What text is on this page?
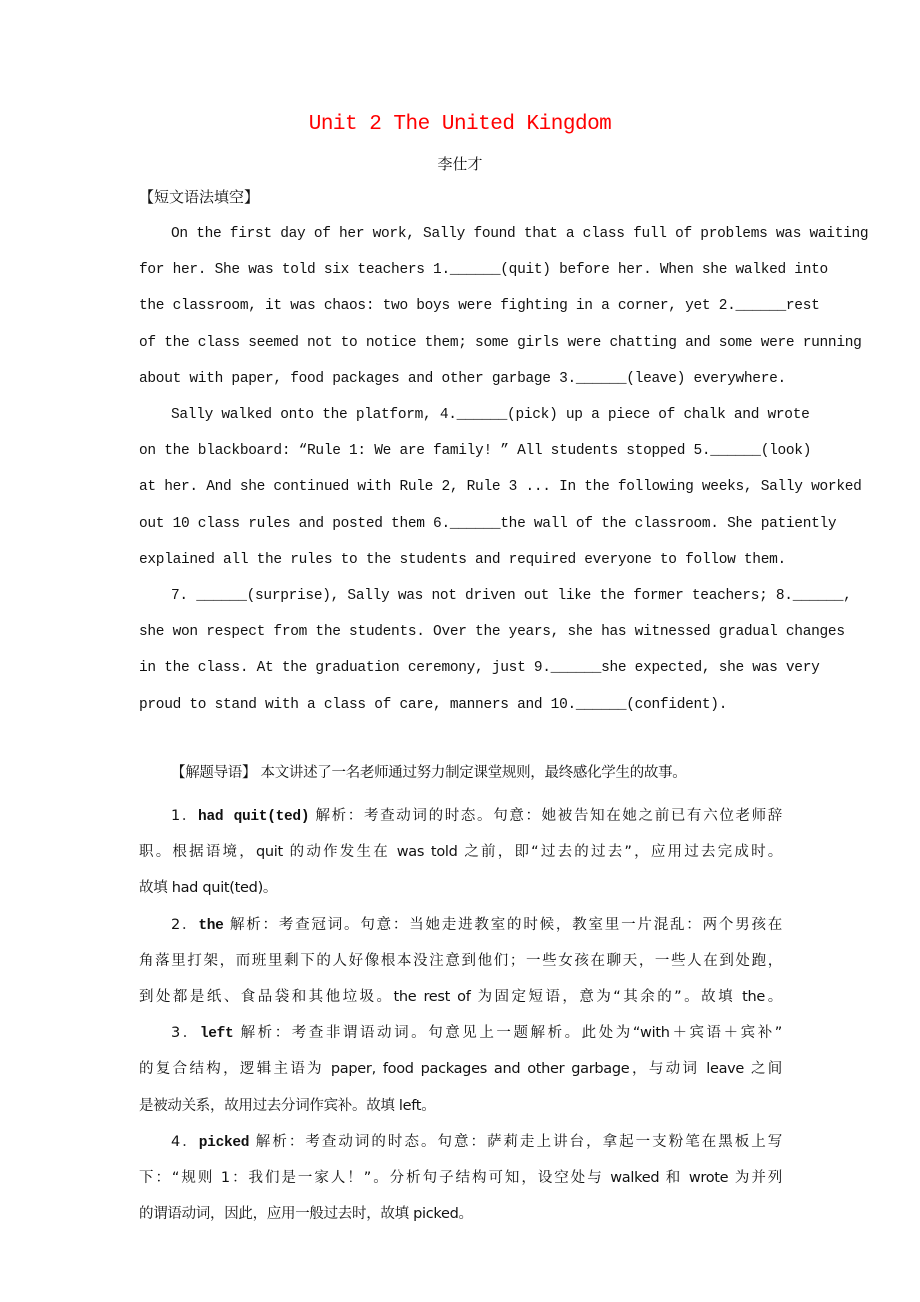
Unit 2 The United Kingdom
李仕才
【短文语法填空】
【解题导语】 本文讲述了一名老师通过努力制定课堂规则，最终感化学生的故事。
On the first day of her work, Sally found that a class full of problems was waiting
for her. She was told six teachers 1.______(quit) before her. When she walked into
the classroom, it was chaos: two boys were fighting in a corner, yet 2.______rest
of the class seemed not to notice them; some girls were chatting and some were running
about with paper, food packages and other garbage 3.______(leave) everywhere.
Sally walked onto the platform, 4.______(pick) up a piece of chalk and wrote
on the blackboard: “Rule 1: We are family! ” All students stopped 5.______(look)
at her. And she continued with Rule 2, Rule 3 ... In the following weeks, Sally worked
out 10 class rules and posted them 6.______the wall of the classroom. She patiently
explained all the rules to the students and required everyone to follow them.
7. ______(surprise), Sally was not driven out like the former teachers; 8.______,
she won respect from the students. Over the years, she has witnessed gradual changes
in the class. At the graduation ceremony, just 9.______she expected, she was very
proud to stand with a class of care, manners and 10.______(confident).
1．had quit(ted) 解析：考查动词的时态。句意：她被告知在她之前已有六位老师辞
职。根据语境，quit 的动作发生在 was told 之前，即“过去的过去”，应用过去完成时。
故填 had quit(ted)。
2．the 解析：考查冠词。句意：当她走进教室的时候，教室里一片混乱：两个男孩在
角落里打架，而班里剩下的人好像根本没注意到他们；一些女孩在聊天，一些人在到处跑，
到处都是纸、食品袋和其他垃圾。the rest of 为固定短语，意为“其余的”。故填 the。
3．left 解析：考查非谓语动词。句意见上一题解析。此处为“with＋宾语＋宾补”
的复合结构，逻辑主语为 paper, food packages and other garbage，与动词 leave 之间
是被动关系，故用过去分词作宾补。故填 left。
4．picked 解析：考查动词的时态。句意：萨莉走上讲台，拿起一支粉笔在黑板上写
下：“规则 1：我们是一家人！”。分析句子结构可知，设空处与 walked 和 wrote 为并列
的谓语动词，因此，应用一般过去时，故填 picked。
